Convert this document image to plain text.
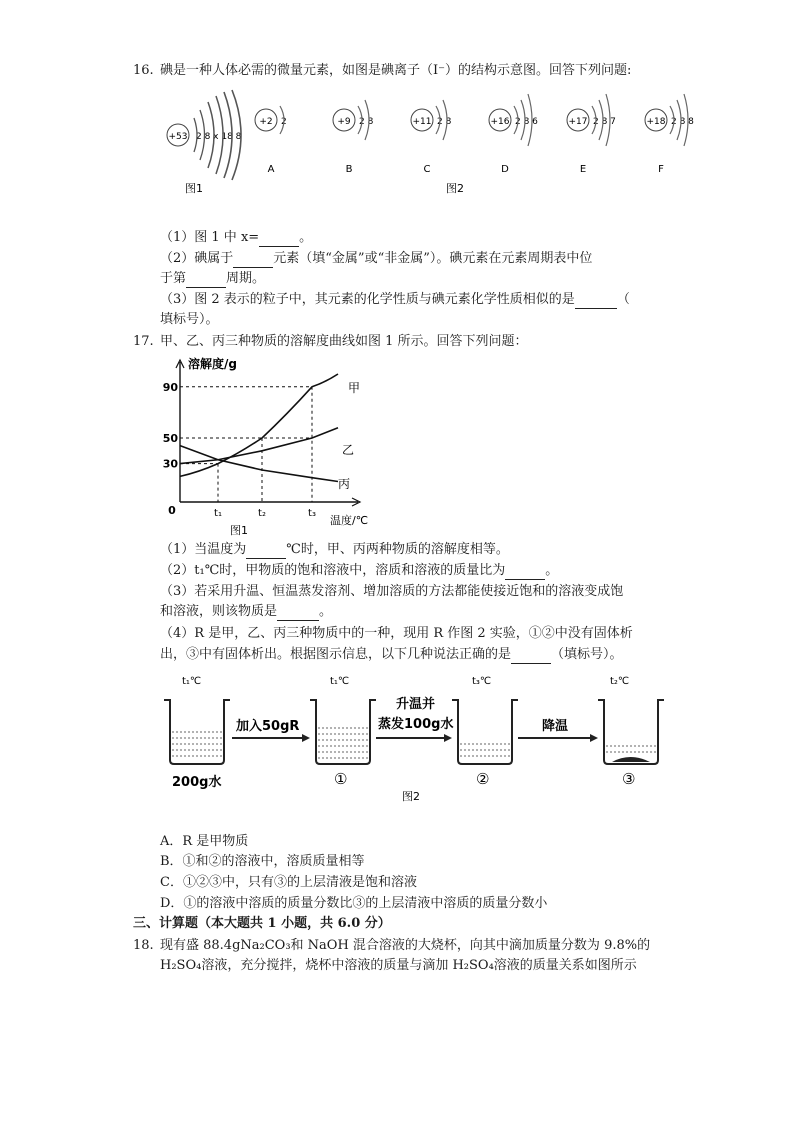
16. 碘是一种人体必需的微量元素，如图是碘离子（I⁻）的结构示意图。回答下列问题:
+53 2 8 x 18 8
图1
+2 2
A
+9 2 8
B
+11 2 8
C
+16 2 8 6
D
+17 2 8 7
E
+18 2 8 8
F
图2
（1）图 1 中 x=	。
（2）碘属于	元素（填“金属”或“非金属”）。碘元素在元素周期表中位
于第	周期。
（3）图 2 表示的粒子中，其元素的化学性质与碘元素化学性质相似的是	（
填标号）。
17. 甲、乙、丙三种物质的溶解度曲线如图 1 所示。回答下列问题：
溶解度/g
温度/℃
0
90
50
30
t₁	t₂	t₃
甲
乙
丙
图1
（1）当温度为	℃时，甲、丙两种物质的溶解度相等。
（2）t₁℃时，甲物质的饱和溶液中，溶质和溶液的质量比为	。
（3）若采用升温、恒温蒸发溶剂、增加溶质的方法都能使接近饱和的溶液变成饱
和溶液，则该物质是	。
（4）R 是甲，乙、丙三种物质中的一种，现用 R 作图 2 实验，①②中没有固体析
出，③中有固体析出。根据图示信息，以下几种说法正确的是	（填标号）。
t₁℃	t₁℃	t₃℃	t₂℃
200g水
加入50gR
①
升温并
蒸发100g水
②
降温
③
图2
A．R 是甲物质
B．①和②的溶液中，溶质质量相等
C．①②③中，只有③的上层清液是饱和溶液
D．①的溶液中溶质的质量分数比③的上层清液中溶质的质量分数小
三、计算题（本大题共 1 小题，共 6.0 分）
18. 现有盛 88.4gNa₂CO₃和 NaOH 混合溶液的大烧杯，向其中滴加质量分数为 9.8%的
H₂SO₄溶液，充分搅拌，烧杯中溶液的质量与滴加 H₂SO₄溶液的质量关系如图所示
